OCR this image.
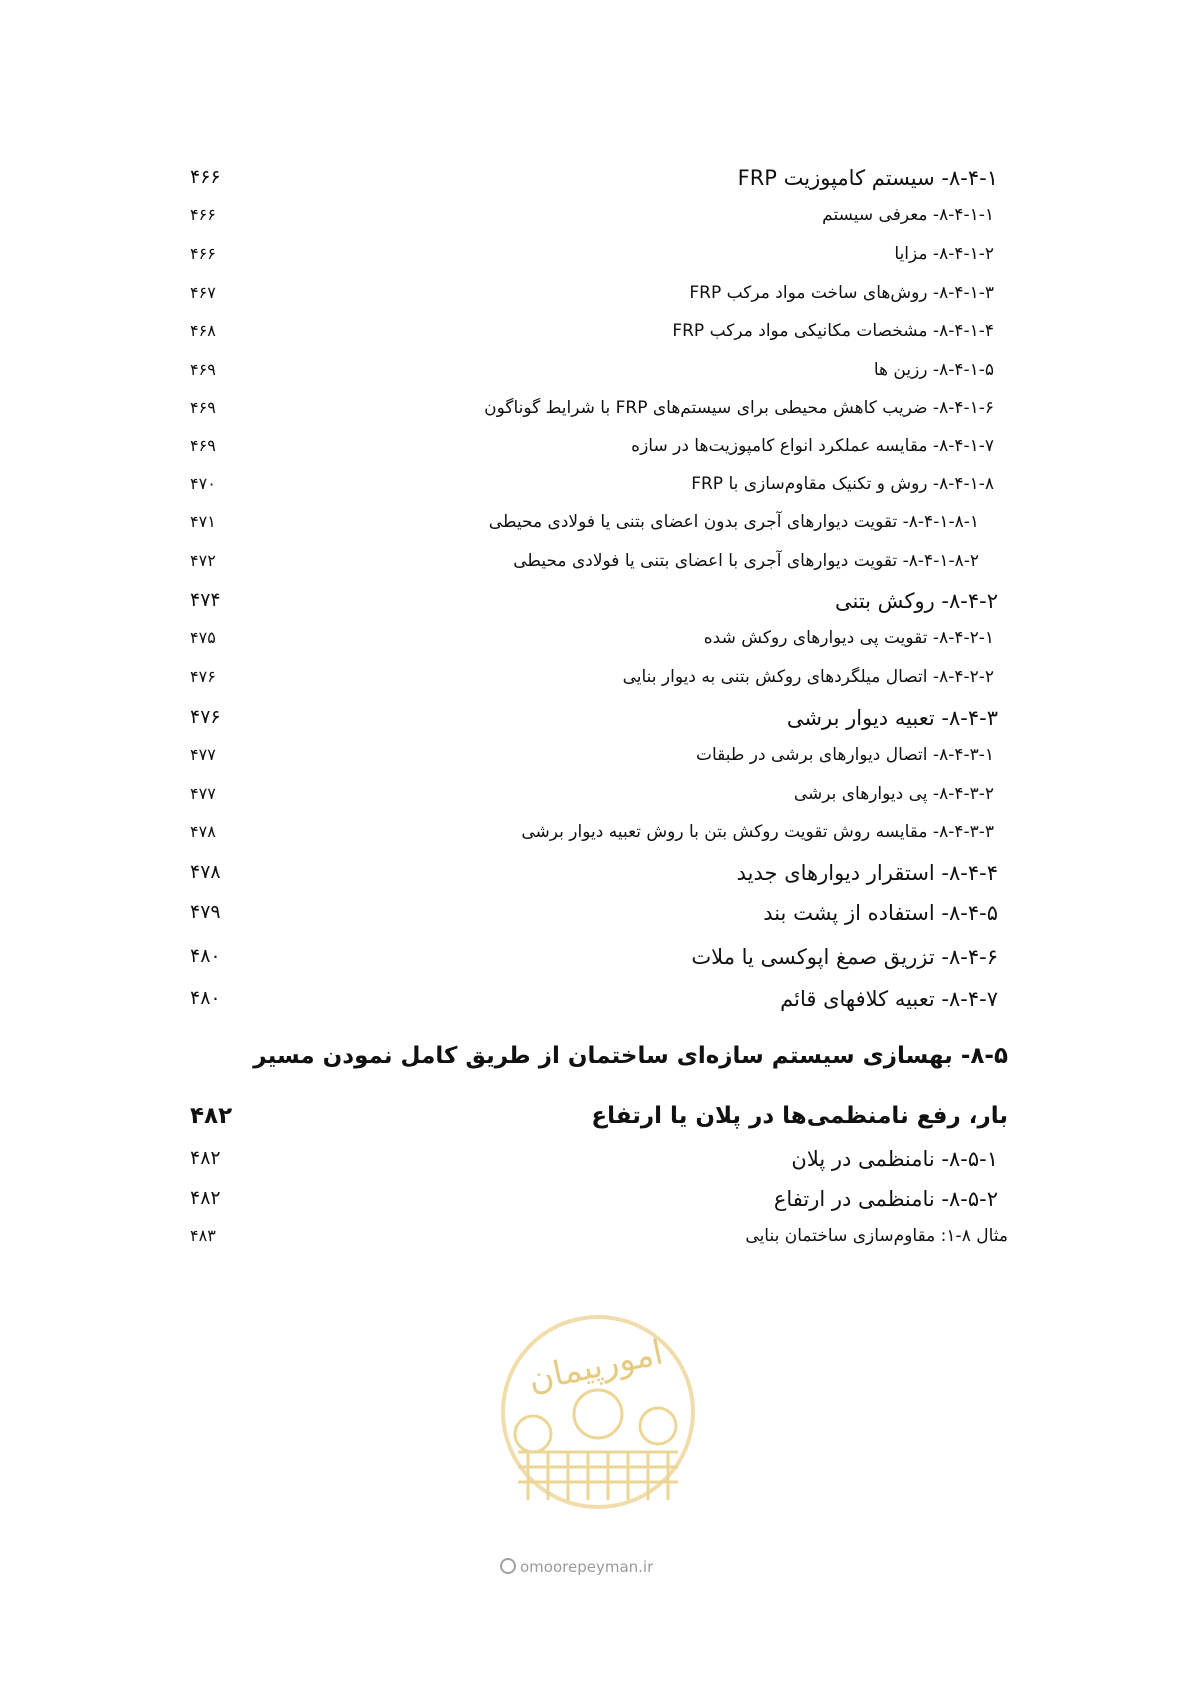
۸-۴-۱- سیستم کامپوزیت FRP
۴۶۶
۸-۴-۱-۱- معرفی سیستم
۴۶۶
۸-۴-۱-۲- مزایا
۴۶۶
۸-۴-۱-۳- روش‌های ساخت مواد مرکب FRP
۴۶۷
۸-۴-۱-۴- مشخصات مکانیکی مواد مرکب FRP
۴۶۸
۸-۴-۱-۵- رزین ها
۴۶۹
۸-۴-۱-۶- ضریب کاهش محیطی برای سیستم‌های FRP با شرایط گوناگون
۴۶۹
۸-۴-۱-۷- مقایسه عملکرد انواع کامپوزیت‌ها در سازه
۴۶۹
۸-۴-۱-۸- روش و تکنیک مقاوم‌سازی با FRP
۴۷۰
۸-۴-۱-۸-۱- تقویت دیوارهای آجری بدون اعضای بتنی یا فولادی محیطی
۴۷۱
۸-۴-۱-۸-۲- تقویت دیوارهای آجری با اعضای بتنی یا فولادی محیطی
۴۷۲
۸-۴-۲- روکش بتنی
۴۷۴
۸-۴-۲-۱- تقویت پی دیوارهای روکش شده
۴۷۵
۸-۴-۲-۲- اتصال میلگردهای روکش بتنی به دیوار بنایی
۴۷۶
۸-۴-۳- تعبیه دیوار برشی
۴۷۶
۸-۴-۳-۱- اتصال دیوارهای برشی در طبقات
۴۷۷
۸-۴-۳-۲- پی دیوارهای برشی
۴۷۷
۸-۴-۳-۳- مقایسه روش تقویت روکش بتن با روش تعبیه دیوار برشی
۴۷۸
۸-۴-۴- استقرار دیوارهای جدید
۴۷۸
۸-۴-۵- استفاده از پشت بند
۴۷۹
۸-۴-۶- تزریق صمغ اپوکسی یا ملات
۴۸۰
۸-۴-۷- تعبیه کلافهای قائم
۴۸۰
۸-۵- بهسازی سیستم سازه‌ای ساختمان از طریق کامل نمودن مسیر
بار، رفع نامنظمی‌ها در پلان یا ارتفاع
۴۸۲
۸-۵-۱- نامنظمی در پلان
۴۸۲
۸-۵-۲- نامنظمی در ارتفاع
۴۸۲
مثال ۸-۱: مقاوم‌سازی ساختمان بنایی
۴۸۳
امورپیمان
omoorepeyman.ir
